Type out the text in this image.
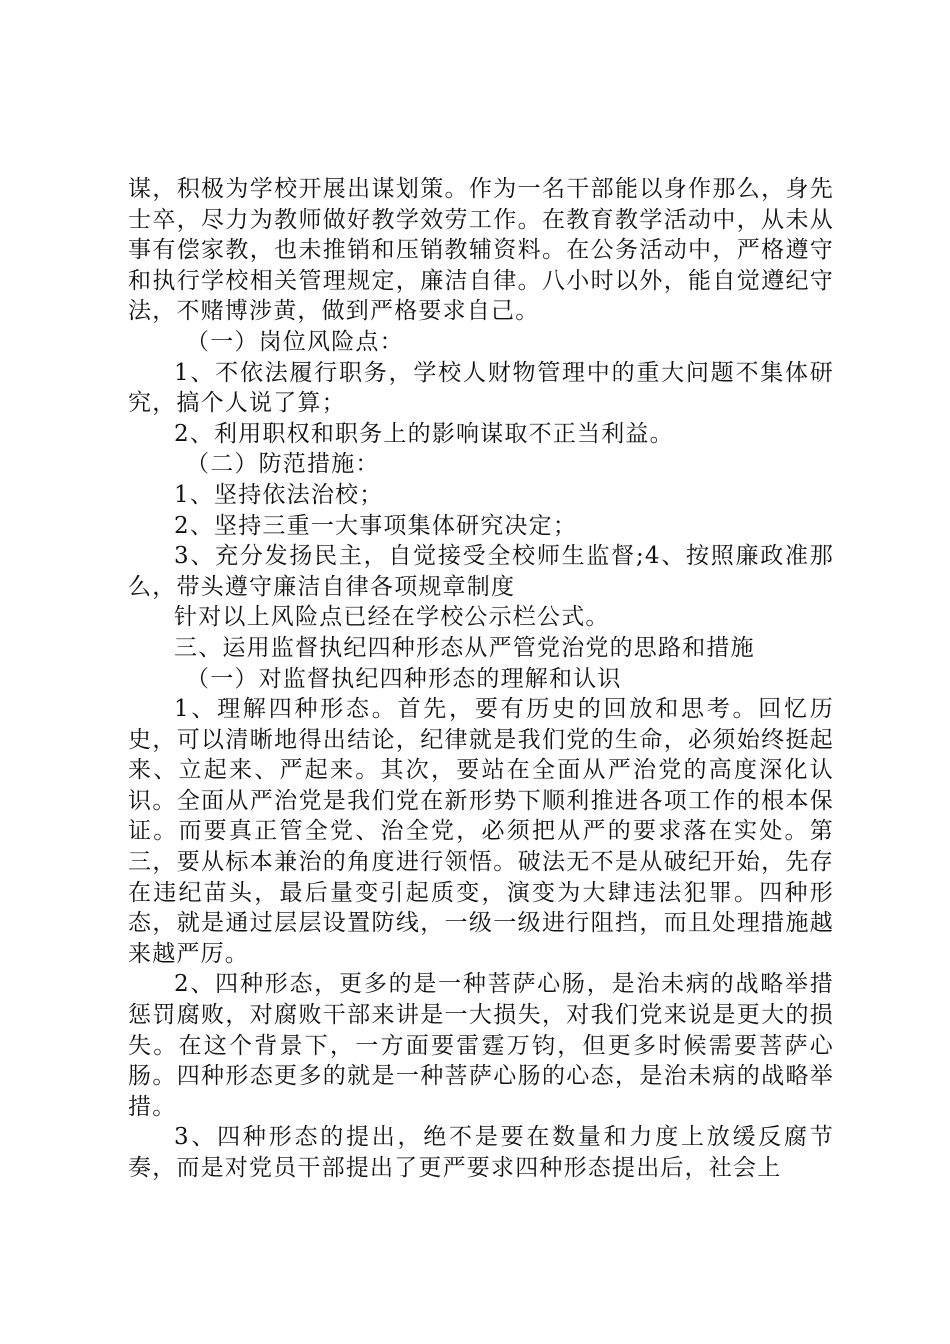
谋，积极为学校开展出谋划策。作为一名干部能以身作那么，身先士卒，尽力为教师做好教学效劳工作。在教育教学活动中，从未从事有偿家教，也未推销和压销教辅资料。在公务活动中，严格遵守和执行学校相关管理规定，廉洁自律。八小时以外，能自觉遵纪守法，不赌博涉黄，做到严格要求自己。

（一）岗位风险点：

1、不依法履行职务，学校人财物管理中的重大问题不集体研究，搞个人说了算；

2、利用职权和职务上的影响谋取不正当利益。

（二）防范措施：

1、坚持依法治校；

2、坚持三重一大事项集体研究决定；

3、充分发扬民主，自觉接受全校师生监督;4、按照廉政准那么，带头遵守廉洁自律各项规章制度

针对以上风险点已经在学校公示栏公式。

三、运用监督执纪四种形态从严管党治党的思路和措施

（一）对监督执纪四种形态的理解和认识

1、理解四种形态。首先，要有历史的回放和思考。回忆历史，可以清晰地得出结论，纪律就是我们党的生命，必须始终挺起来、立起来、严起来。其次，要站在全面从严治党的高度深化认识。全面从严治党是我们党在新形势下顺利推进各项工作的根本保证。而要真正管全党、治全党，必须把从严的要求落在实处。第三，要从标本兼治的角度进行领悟。破法无不是从破纪开始，先存在违纪苗头，最后量变引起质变，演变为大肆违法犯罪。四种形态，就是通过层层设置防线，一级一级进行阻挡，而且处理措施越来越严厉。

2、四种形态，更多的是一种菩萨心肠，是治未病的战略举措惩罚腐败，对腐败干部来讲是一大损失，对我们党来说是更大的损失。在这个背景下，一方面要雷霆万钧，但更多时候需要菩萨心肠。四种形态更多的就是一种菩萨心肠的心态，是治未病的战略举措。

3、四种形态的提出，绝不是要在数量和力度上放缓反腐节奏，而是对党员干部提出了更严要求四种形态提出后，社会上
